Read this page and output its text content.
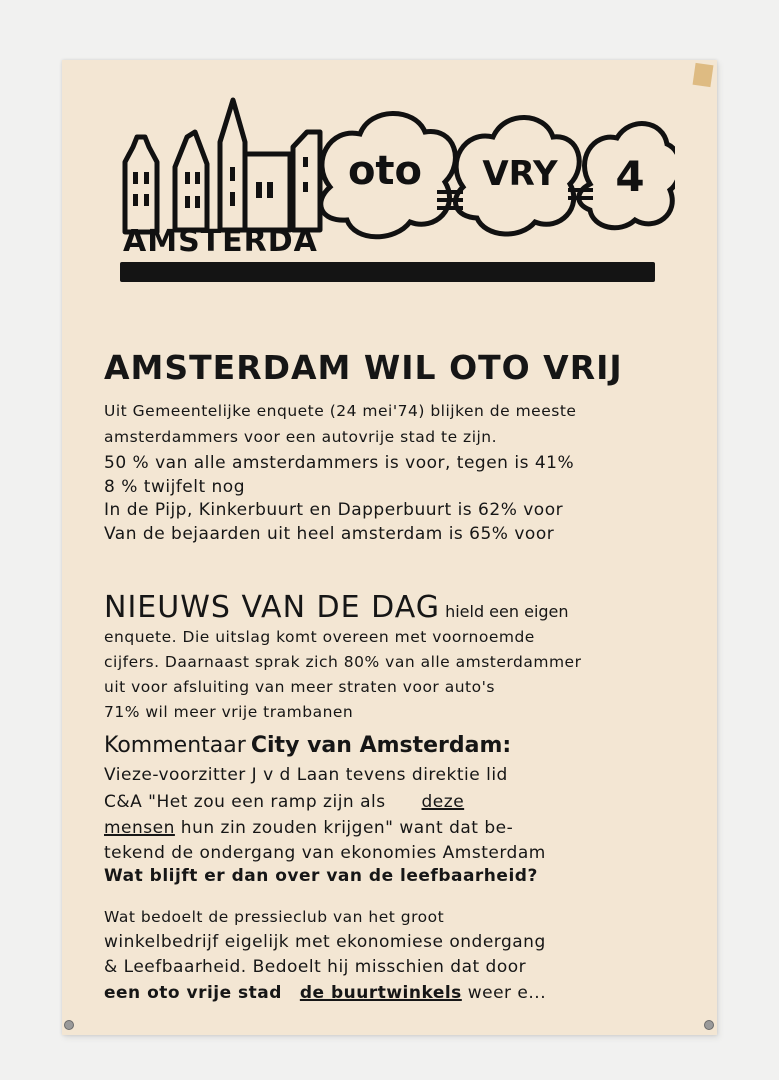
oto	VRY	4
AMSTERDA
AMSTERDAM WIL OTO VRIJ
Uit Gemeentelijke enquete (24 mei'74) blijken de meeste
amsterdammers voor een autovrije stad te zijn.
50 % van alle amsterdammers is voor, tegen is 41%
8 % twijfelt nog
In de Pijp, Kinkerbuurt en Dapperbuurt is 62% voor
Van de bejaarden uit heel amsterdam is 65% voor
NIEUWS VAN DE DAG hield een eigen
enquete. Die uitslag komt overeen met voornoemde
cijfers. Daarnaast sprak zich 80% van alle amsterdammer
uit voor afsluiting van meer straten voor auto's
71% wil meer vrije trambanen
Kommentaar City van Amsterdam:
Vieze-voorzitter J v d Laan tevens direktie lid
C&A "Het zou een ramp zijn als deze
mensen hun zin zouden krijgen" want dat be-
tekend de ondergang van ekonomies Amsterdam
Wat blijft er dan over van de leefbaarheid?
Wat bedoelt de pressieclub van het groot
winkelbedrijf eigelijk met ekonomiese ondergang
& Leefbaarheid. Bedoelt hij misschien dat door
een oto vrije stad de buurtwinkels weer e...
